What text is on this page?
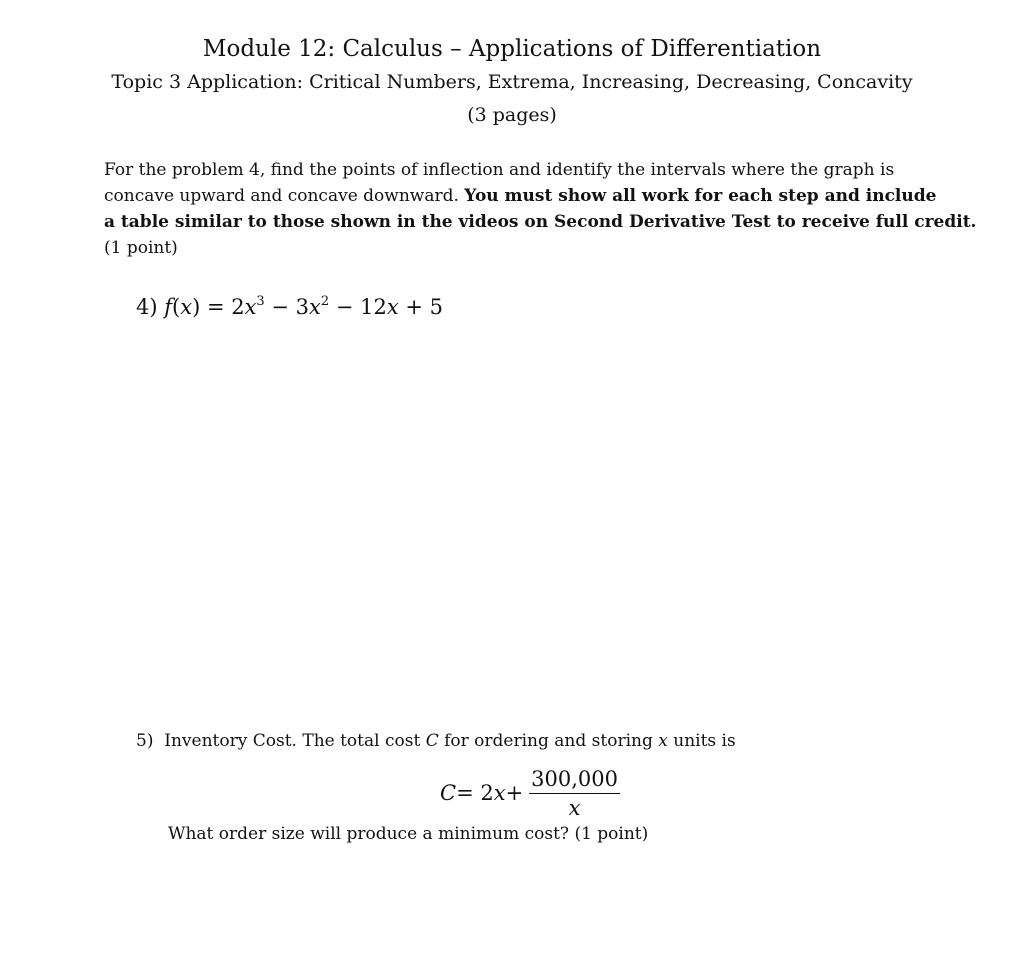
Module 12: Calculus – Applications of Differentiation
Topic 3 Application: Critical Numbers, Extrema, Increasing, Decreasing, Concavity
(3 pages)
For the problem 4, find the points of inflection and identify the intervals where the graph is
concave upward and concave downward. You must show all work for each step and include
a table similar to those shown in the videos on Second Derivative Test to receive full credit.
(1 point)
4) $f(x) = 2x^3 - 3x^2 - 12x + 5$
5) Inventory Cost. The total cost C for ordering and storing x units is
C = 2 $x + \frac{300,000}{x}$
What order size will produce a minimum cost? (1 point)
